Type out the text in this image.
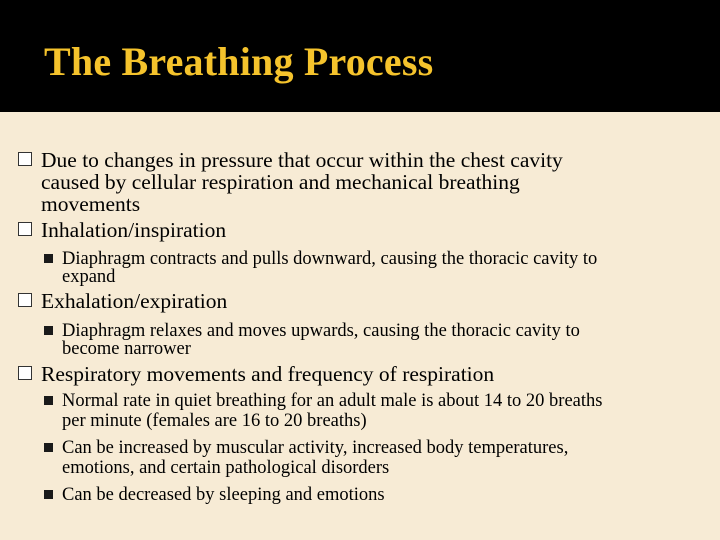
The Breathing Process
Due to changes in pressure that occur within the chest cavity
caused by cellular respiration and mechanical breathing
movements
Inhalation/inspiration
Diaphragm contracts and pulls downward, causing the thoracic cavity to
expand
Exhalation/expiration
Diaphragm relaxes and moves upwards, causing the thoracic cavity to
become narrower
Respiratory movements and frequency of respiration
Normal rate in quiet breathing for an adult male is about 14 to 20 breaths
per minute (females are 16 to 20 breaths)
Can be increased by muscular activity, increased body temperatures,
emotions, and certain pathological disorders
Can be decreased by sleeping and emotions
